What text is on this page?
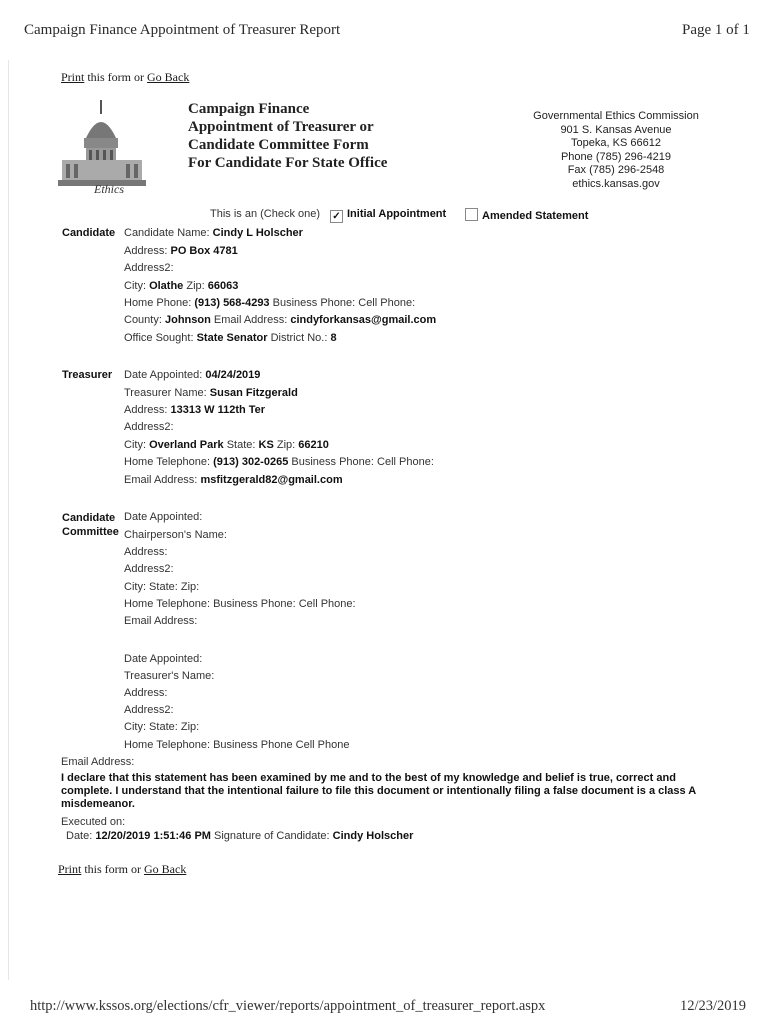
Campaign Finance Appointment of Treasurer Report	Page 1 of 1
Print this form or Go Back
Ethics
Campaign Finance
Appointment of Treasurer or
Candidate Committee Form
For Candidate For State Office
Governmental Ethics Commission
901 S. Kansas Avenue
Topeka, KS 66612
Phone (785) 296-4219
Fax (785) 296-2548
ethics.kansas.gov
This is an (Check one) ✓ Initial Appointment	Amended Statement
Candidate Candidate Name: Cindy L Holscher
Address: PO Box 4781
Address2:
City: Olathe Zip: 66063
Home Phone: (913) 568-4293 Business Phone: Cell Phone:
County: Johnson Email Address: cindyforkansas@gmail.com
Office Sought: State Senator District No.: 8
Treasurer Date Appointed: 04/24/2019
Treasurer Name: Susan Fitzgerald
Address: 13313 W 112th Ter
Address2:
City: Overland Park State: KS Zip: 66210
Home Telephone: (913) 302-0265 Business Phone: Cell Phone:
Email Address: msfitzgerald82@gmail.com
Candidate
Committee
Date Appointed:
Chairperson's Name:
Address:
Address2:
City: State: Zip:
Home Telephone: Business Phone: Cell Phone:
Email Address:
Date Appointed:
Treasurer's Name:
Address:
Address2:
City: State: Zip:
Home Telephone: Business Phone Cell Phone
Email Address:
I declare that this statement has been examined by me and to the best of my knowledge and belief is true, correct and complete. I understand that the intentional failure to file this document or intentionally filing a false document is a class A misdemeanor.
Executed on:
Date: 12/20/2019 1:51:46 PM Signature of Candidate: Cindy Holscher
Print this form or Go Back
http://www.kssos.org/elections/cfr_viewer/reports/appointment_of_treasurer_report.aspx	12/23/2019
